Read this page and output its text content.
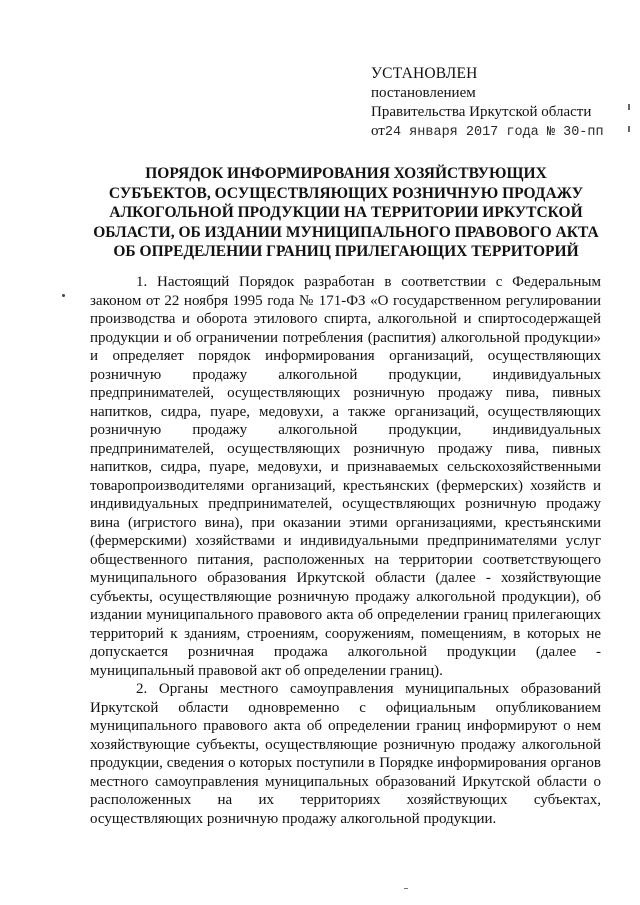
УСТАНОВЛЕН
постановлением
Правительства Иркутской области
от24 января 2017 года № 30-пп
ПОРЯДОК ИНФОРМИРОВАНИЯ ХОЗЯЙСТВУЮЩИХ
СУБЪЕКТОВ, ОСУЩЕСТВЛЯЮЩИХ РОЗНИЧНУЮ ПРОДАЖУ
АЛКОГОЛЬНОЙ ПРОДУКЦИИ НА ТЕРРИТОРИИ ИРКУТСКОЙ
ОБЛАСТИ, ОБ ИЗДАНИИ МУНИЦИПАЛЬНОГО ПРАВОВОГО АКТА
ОБ ОПРЕДЕЛЕНИИ ГРАНИЦ ПРИЛЕГАЮЩИХ ТЕРРИТОРИЙ

1. Настоящий Порядок разработан в соответствии с Федеральным законом от 22 ноября 1995 года № 171-ФЗ «О государственном регулировании производства и оборота этилового спирта, алкогольной и спиртосодержащей продукции и об ограничении потребления (распития) алкогольной продукции» и определяет порядок информирования организаций, осуществляющих розничную продажу алкогольной продукции, индивидуальных предпринимателей, осуществляющих розничную продажу пива, пивных напитков, сидра, пуаре, медовухи, а также организаций, осуществляющих розничную продажу алкогольной продукции, индивидуальных предпринимателей, осуществляющих розничную продажу пива, пивных напитков, сидра, пуаре, медовухи, и признаваемых сельскохозяйственными товаропроизводителями организаций, крестьянских (фермерских) хозяйств и индивидуальных предпринимателей, осуществляющих розничную продажу вина (игристого вина), при оказании этими организациями, крестьянскими (фермерскими) хозяйствами и индивидуальными предпринимателями услуг общественного питания, расположенных на территории соответствующего муниципального образования Иркутской области (далее - хозяйствующие субъекты, осуществляющие розничную продажу алкогольной продукции), об издании муниципального правового акта об определении границ прилегающих территорий к зданиям, строениям, сооружениям, помещениям, в которых не допускается розничная продажа алкогольной продукции (далее - муниципальный правовой акт об определении границ).

2. Органы местного самоуправления муниципальных образований Иркутской области одновременно с официальным опубликованием муниципального правового акта об определении границ информируют о нем хозяйствующие субъекты, осуществляющие розничную продажу алкогольной продукции, сведения о которых поступили в Порядке информирования органов местного самоуправления муниципальных образований Иркутской области о расположенных на их территориях хозяйствующих субъектах, осуществляющих розничную продажу алкогольной продукции.
